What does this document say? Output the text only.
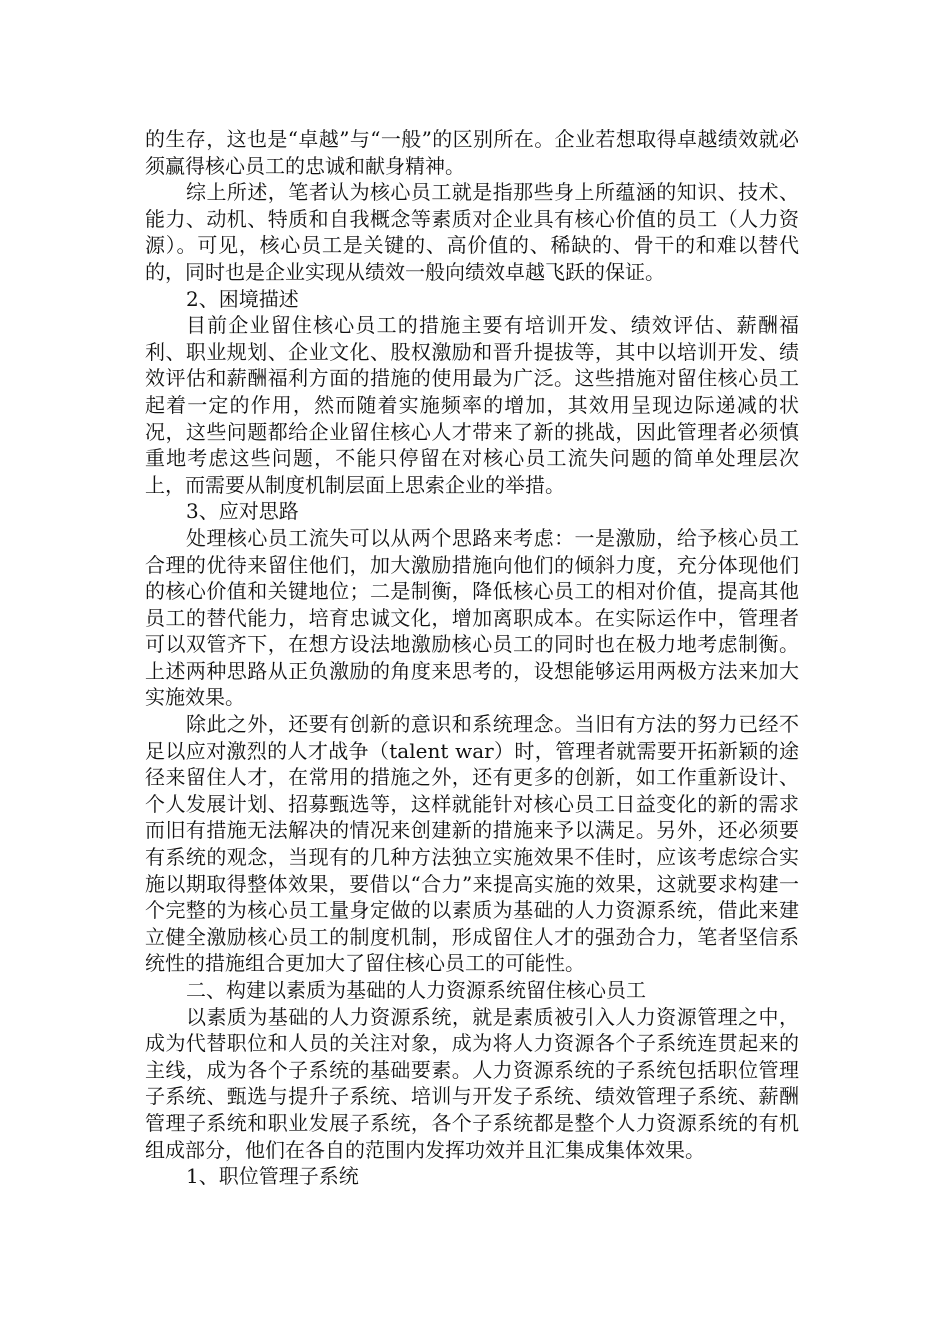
的生存，这也是“卓越”与“一般”的区别所在。企业若想取得卓越绩效就必须赢得核心员工的忠诚和献身精神。

综上所述，笔者认为核心员工就是指那些身上所蕴涵的知识、技术、能力、动机、特质和自我概念等素质对企业具有核心价值的员工（人力资源）。可见，核心员工是关键的、高价值的、稀缺的、骨干的和难以替代的，同时也是企业实现从绩效一般向绩效卓越飞跃的保证。

2、困境描述

目前企业留住核心员工的措施主要有培训开发、绩效评估、薪酬福利、职业规划、企业文化、股权激励和晋升提拔等，其中以培训开发、绩效评估和薪酬福利方面的措施的使用最为广泛。这些措施对留住核心员工起着一定的作用，然而随着实施频率的增加，其效用呈现边际递减的状况，这些问题都给企业留住核心人才带来了新的挑战，因此管理者必须慎重地考虑这些问题，不能只停留在对核心员工流失问题的简单处理层次上，而需要从制度机制层面上思索企业的举措。

3、应对思路

处理核心员工流失可以从两个思路来考虑：一是激励，给予核心员工合理的优待来留住他们，加大激励措施向他们的倾斜力度，充分体现他们的核心价值和关键地位；二是制衡，降低核心员工的相对价值，提高其他员工的替代能力，培育忠诚文化，增加离职成本。在实际运作中，管理者可以双管齐下，在想方设法地激励核心员工的同时也在极力地考虑制衡。上述两种思路从正负激励的角度来思考的，设想能够运用两极方法来加大实施效果。

除此之外，还要有创新的意识和系统理念。当旧有方法的努力已经不足以应对激烈的人才战争（talent war）时，管理者就需要开拓新颖的途径来留住人才，在常用的措施之外，还有更多的创新，如工作重新设计、个人发展计划、招募甄选等，这样就能针对核心员工日益变化的新的需求而旧有措施无法解决的情况来创建新的措施来予以满足。另外，还必须要有系统的观念，当现有的几种方法独立实施效果不佳时，应该考虑综合实施以期取得整体效果，要借以“合力”来提高实施的效果，这就要求构建一个完整的为核心员工量身定做的以素质为基础的人力资源系统，借此来建立健全激励核心员工的制度机制，形成留住人才的强劲合力，笔者坚信系统性的措施组合更加大了留住核心员工的可能性。

二、构建以素质为基础的人力资源系统留住核心员工

以素质为基础的人力资源系统，就是素质被引入人力资源管理之中，成为代替职位和人员的关注对象，成为将人力资源各个子系统连贯起来的主线，成为各个子系统的基础要素。人力资源系统的子系统包括职位管理子系统、甄选与提升子系统、培训与开发子系统、绩效管理子系统、薪酬管理子系统和职业发展子系统，各个子系统都是整个人力资源系统的有机组成部分，他们在各自的范围内发挥功效并且汇集成集体效果。

1、职位管理子系统
